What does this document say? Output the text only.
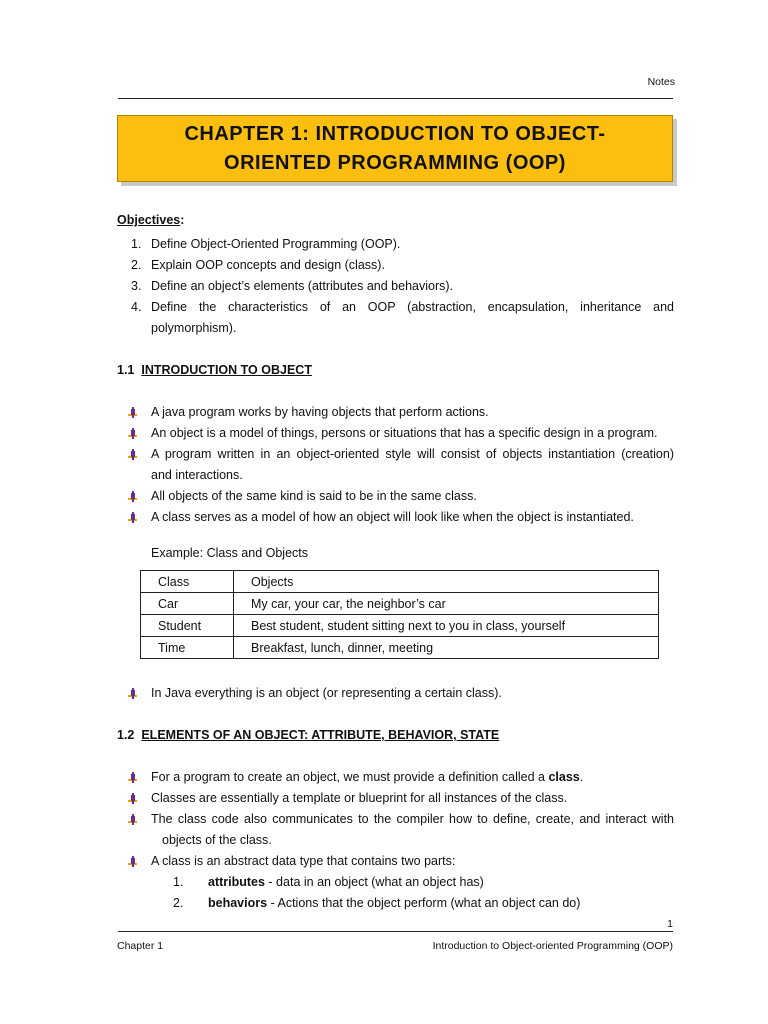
Notes
CHAPTER 1: INTRODUCTION TO OBJECT-
ORIENTED PROGRAMMING (OOP)
Objectives:
1. Define Object-Oriented Programming (OOP).
2. Explain OOP concepts and design (class).
3. Define an object’s elements (attributes and behaviors).
4. Define the characteristics of an OOP (abstraction, encapsulation, inheritance and
polymorphism).
1.1 INTRODUCTION TO OBJECT
A java program works by having objects that perform actions.
An object is a model of things, persons or situations that has a specific design in a program.
A program written in an object-oriented style will consist of objects instantiation (creation)
and interactions.
All objects of the same kind is said to be in the same class.
A class serves as a model of how an object will look like when the object is instantiated.
Example: Class and Objects
Class	Objects
Car	My car, your car, the neighbor’s car
Student	Best student, student sitting next to you in class, yourself
Time	Breakfast, lunch, dinner, meeting
In Java everything is an object (or representing a certain class).
1.2 ELEMENTS OF AN OBJECT: ATTRIBUTE, BEHAVIOR, STATE
For a program to create an object, we must provide a definition called a class.
Classes are essentially a template or blueprint for all instances of the class.
The class code also communicates to the compiler how to define, create, and interact with
objects of the class.
A class is an abstract data type that contains two parts:
1. attributes - data in an object (what an object has)
2. behaviors - Actions that the object perform (what an object can do)
1
Chapter 1	Introduction to Object-oriented Programming (OOP)
